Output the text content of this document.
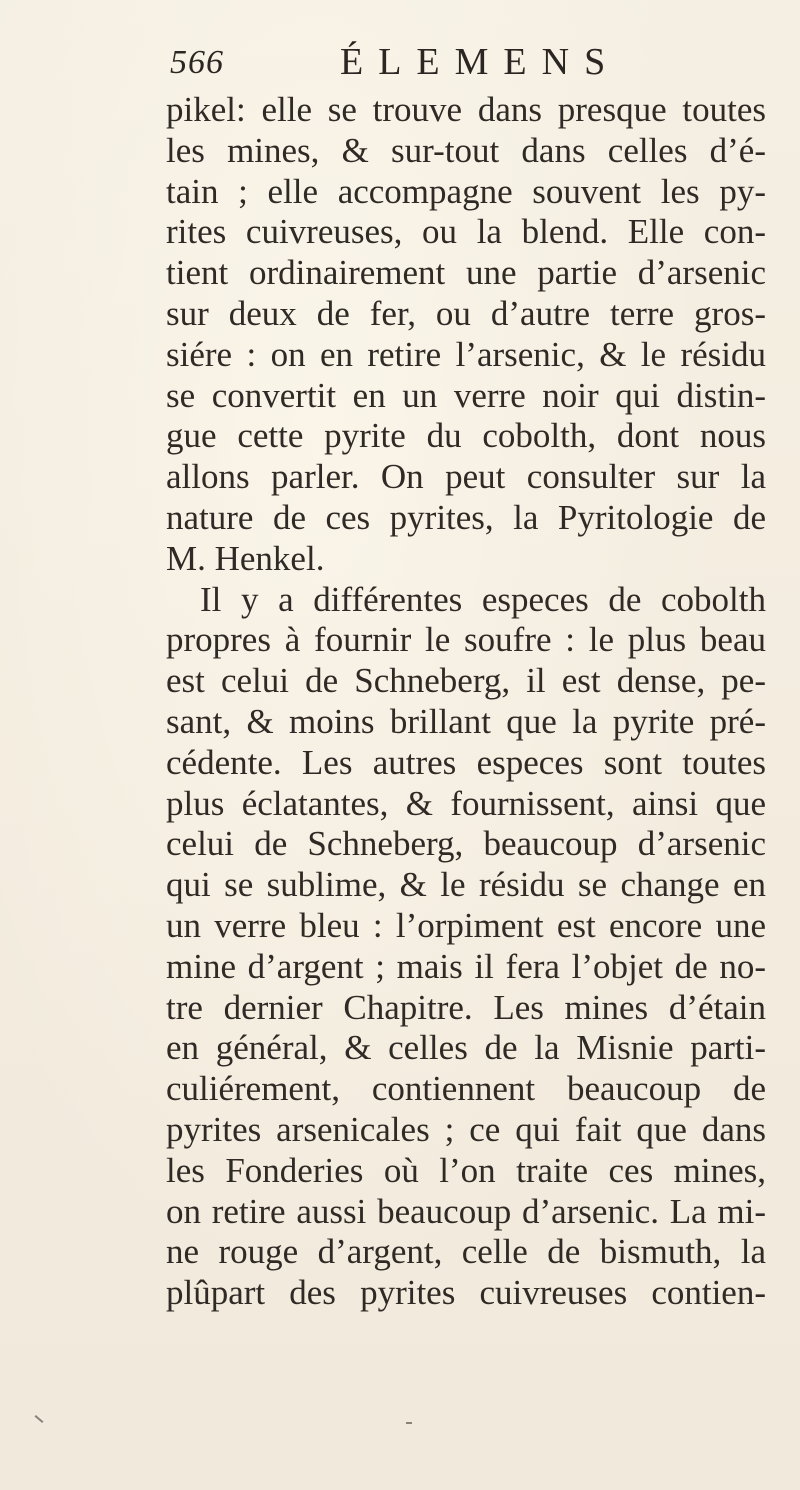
566	ÉLEMENS
pikel: elle se trouve dans presque toutes
les mines, & sur-tout dans celles d’é-
tain ; elle accompagne souvent les py-
rites cuivreuses, ou la blend. Elle con-
tient ordinairement une partie d’arsenic
sur deux de fer, ou d’autre terre gros-
siére : on en retire l’arsenic, & le résidu
se convertit en un verre noir qui distin-
gue cette pyrite du cobolth, dont nous
allons parler. On peut consulter sur la
nature de ces pyrites, la Pyritologie de
M. Henkel.
Il y a différentes especes de cobolth
propres à fournir le soufre : le plus beau
est celui de Schneberg, il est dense, pe-
sant, & moins brillant que la pyrite pré-
cédente. Les autres especes sont toutes
plus éclatantes, & fournissent, ainsi que
celui de Schneberg, beaucoup d’arsenic
qui se sublime, & le résidu se change en
un verre bleu : l’orpiment est encore une
mine d’argent ; mais il fera l’objet de no-
tre dernier Chapitre. Les mines d’étain
en général, & celles de la Misnie parti-
culiérement, contiennent beaucoup de
pyrites arsenicales ; ce qui fait que dans
les Fonderies où l’on traite ces mines,
on retire aussi beaucoup d’arsenic. La mi-
ne rouge d’argent, celle de bismuth, la
plûpart des pyrites cuivreuses contien-
